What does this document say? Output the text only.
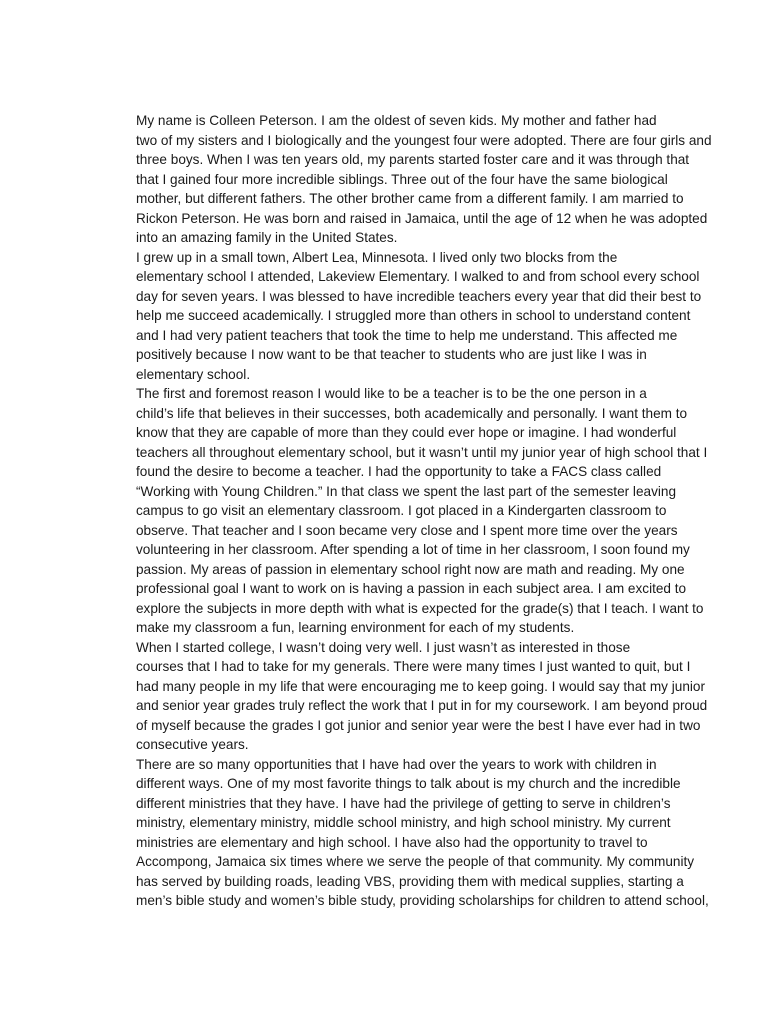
My name is Colleen Peterson. I am the oldest of seven kids. My mother and father had
two of my sisters and I biologically and the youngest four were adopted. There are four girls and
three boys. When I was ten years old, my parents started foster care and it was through that
that I gained four more incredible siblings. Three out of the four have the same biological
mother, but different fathers. The other brother came from a different family. I am married to
Rickon Peterson. He was born and raised in Jamaica, until the age of 12 when he was adopted
into an amazing family in the United States.

I grew up in a small town, Albert Lea, Minnesota. I lived only two blocks from the
elementary school I attended, Lakeview Elementary. I walked to and from school every school
day for seven years. I was blessed to have incredible teachers every year that did their best to
help me succeed academically. I struggled more than others in school to understand content
and I had very patient teachers that took the time to help me understand. This affected me
positively because I now want to be that teacher to students who are just like I was in
elementary school.

The first and foremost reason I would like to be a teacher is to be the one person in a
child’s life that believes in their successes, both academically and personally. I want them to
know that they are capable of more than they could ever hope or imagine. I had wonderful
teachers all throughout elementary school, but it wasn’t until my junior year of high school that I
found the desire to become a teacher. I had the opportunity to take a FACS class called
“Working with Young Children.” In that class we spent the last part of the semester leaving
campus to go visit an elementary classroom. I got placed in a Kindergarten classroom to
observe. That teacher and I soon became very close and I spent more time over the years
volunteering in her classroom. After spending a lot of time in her classroom, I soon found my
passion. My areas of passion in elementary school right now are math and reading. My one
professional goal I want to work on is having a passion in each subject area. I am excited to
explore the subjects in more depth with what is expected for the grade(s) that I teach. I want to
make my classroom a fun, learning environment for each of my students.

When I started college, I wasn’t doing very well. I just wasn’t as interested in those
courses that I had to take for my generals. There were many times I just wanted to quit, but I
had many people in my life that were encouraging me to keep going. I would say that my junior
and senior year grades truly reflect the work that I put in for my coursework. I am beyond proud
of myself because the grades I got junior and senior year were the best I have ever had in two
consecutive years.

There are so many opportunities that I have had over the years to work with children in
different ways. One of my most favorite things to talk about is my church and the incredible
different ministries that they have. I have had the privilege of getting to serve in children’s
ministry, elementary ministry, middle school ministry, and high school ministry. My current
ministries are elementary and high school. I have also had the opportunity to travel to
Accompong, Jamaica six times where we serve the people of that community. My community
has served by building roads, leading VBS, providing them with medical supplies, starting a
men’s bible study and women’s bible study, providing scholarships for children to attend school,
